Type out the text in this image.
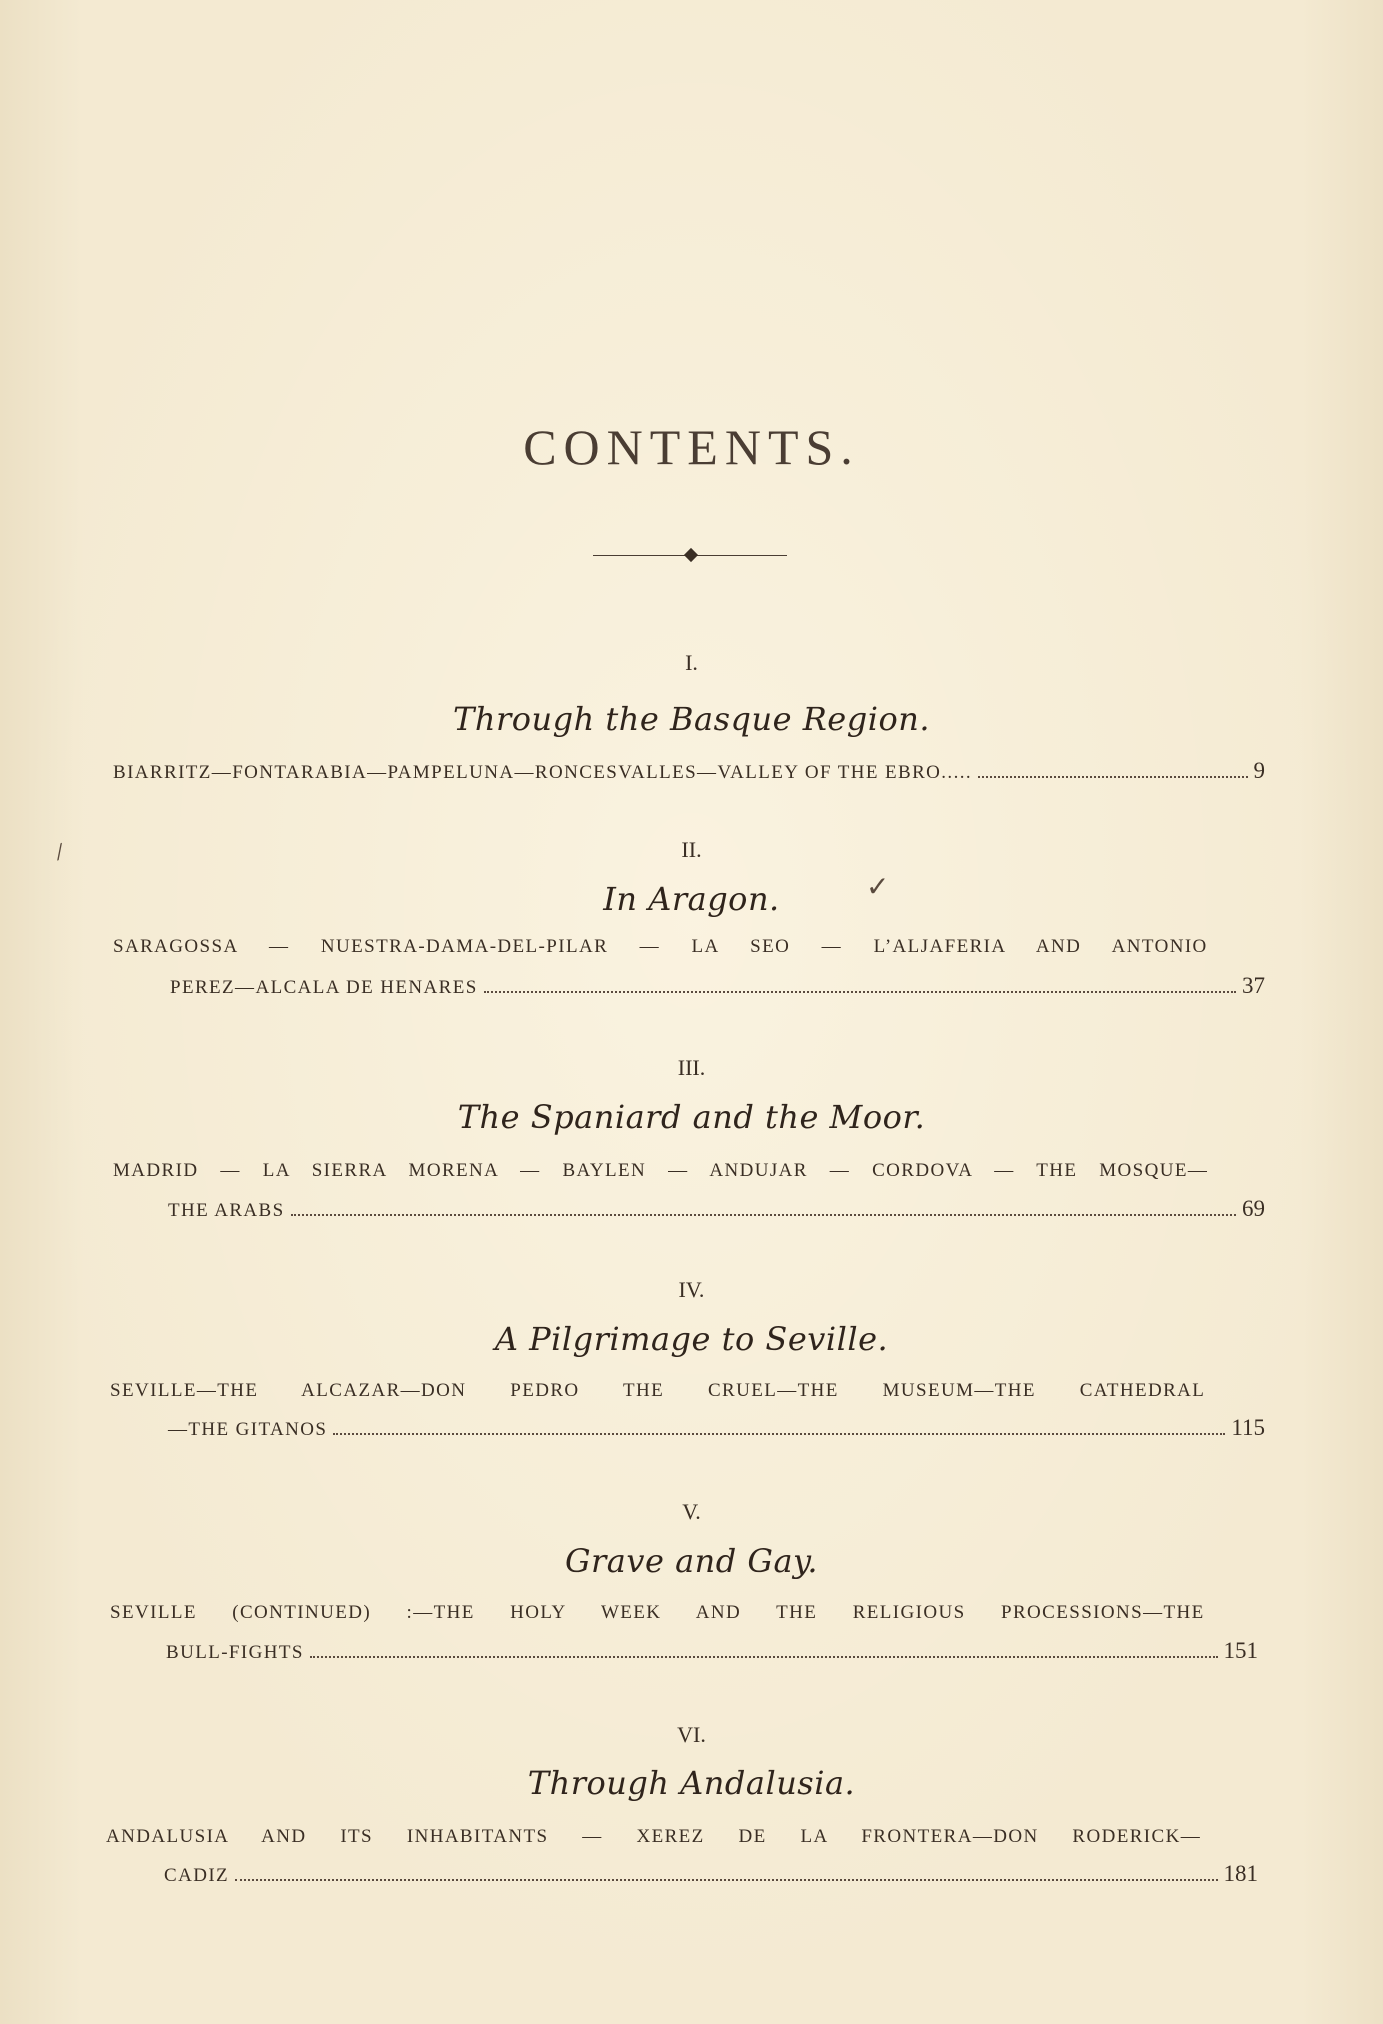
CONTENTS.
I.
Through the Basque Region.
BIARRITZ—FONTARABIA—PAMPELUNA—RONCESVALLES—VALLEY OF THE EBRO.....	9
II.
In Aragon.
SARAGOSSA — NUESTRA-DAMA-DEL-PILAR — LA SEO — L’ALJAFERIA AND ANTONIO
PEREZ—ALCALA DE HENARES	37
III.
The Spaniard and the Moor.
MADRID — LA SIERRA MORENA — BAYLEN — ANDUJAR — CORDOVA — THE MOSQUE—
THE ARABS	69
IV.
A Pilgrimage to Seville.
SEVILLE—THE ALCAZAR—DON PEDRO THE CRUEL—THE MUSEUM—THE CATHEDRAL
—THE GITANOS	115
V.
Grave and Gay.
SEVILLE (CONTINUED) :—THE HOLY WEEK AND THE RELIGIOUS PROCESSIONS—THE
BULL-FIGHTS	151
VI.
Through Andalusia.
ANDALUSIA AND ITS INHABITANTS — XEREZ DE LA FRONTERA—DON RODERICK—
CADIZ	181
⁄
✓
